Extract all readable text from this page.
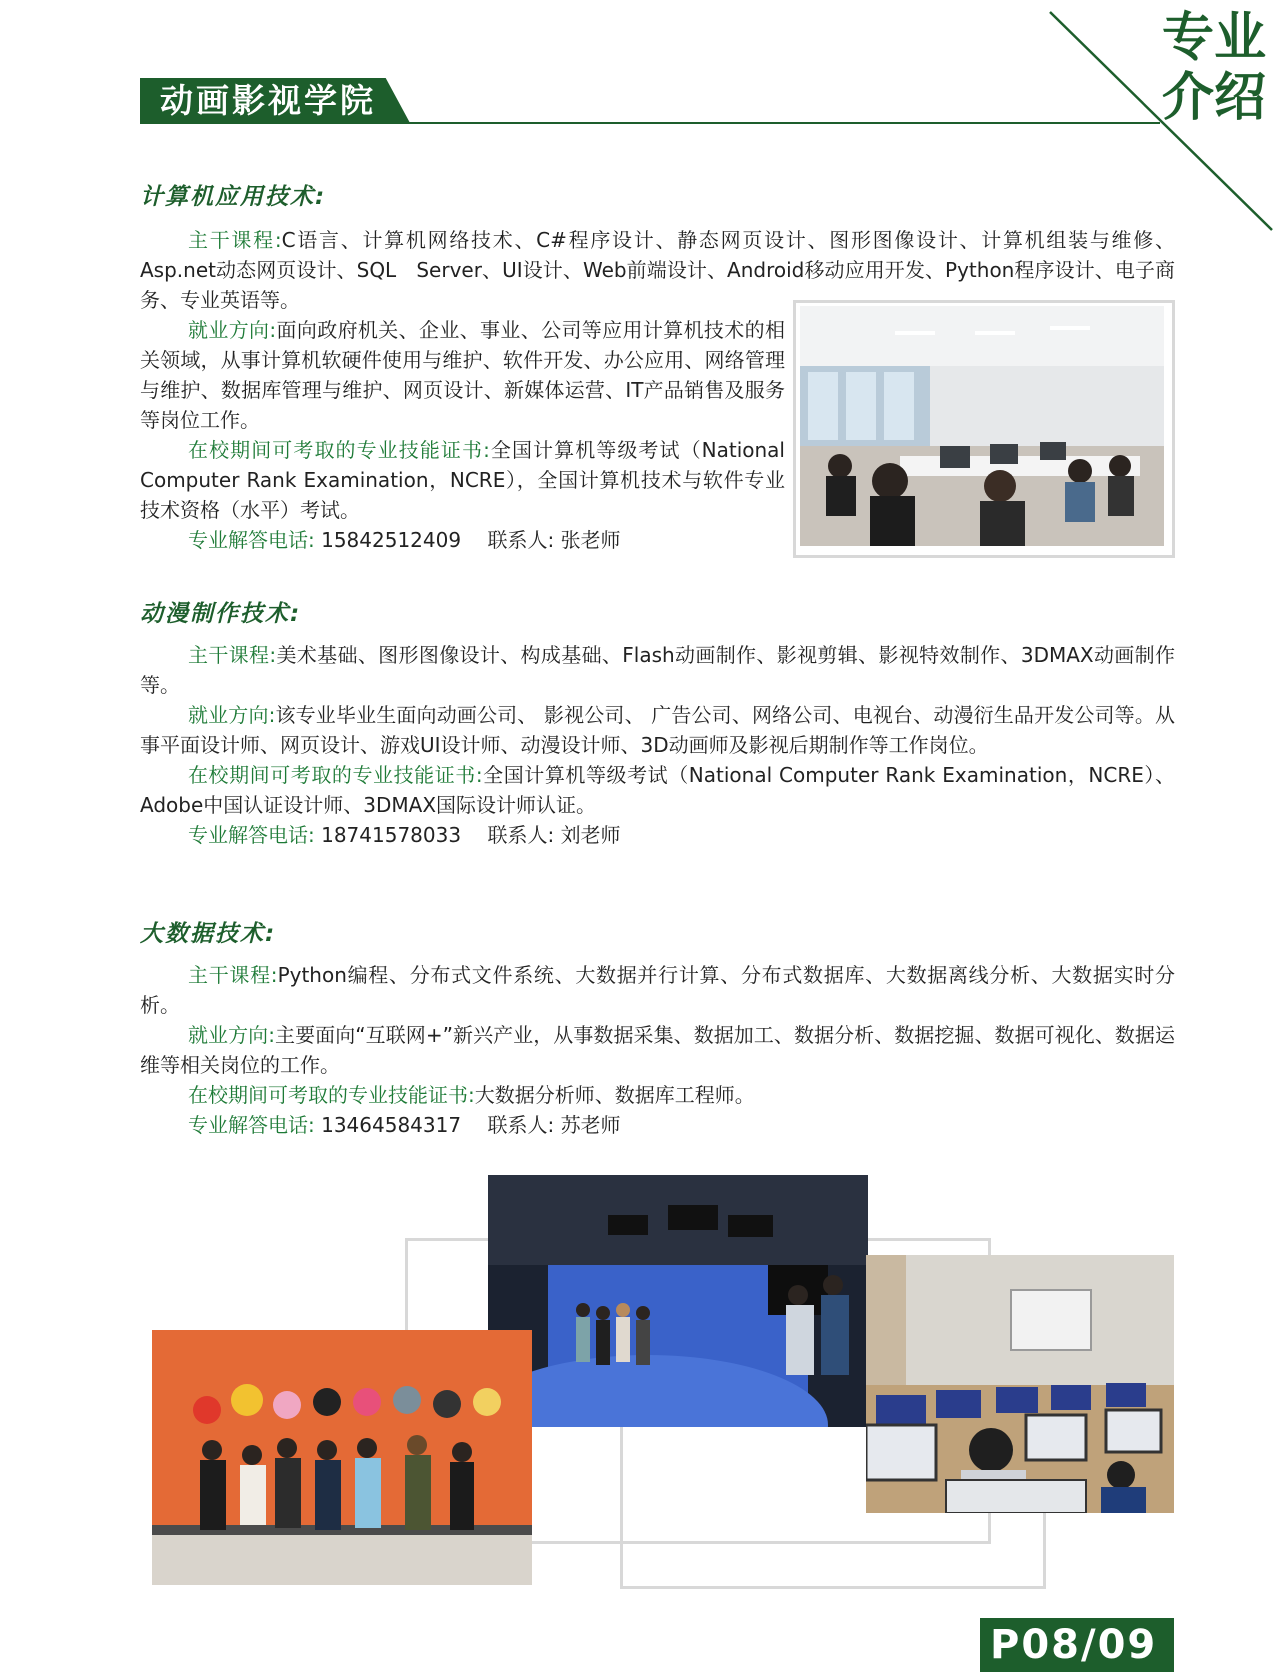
动画影视学院
专业
介绍
计算机应用技术:

主干课程:C语言、计算机网络技术、C#程序设计、静态网页设计、图形图像设计、计算机组装与维修、Asp.net动态网页设计、SQL　Server、UI设计、Web前端设计、Android移动应用开发、Python程序设计、电子商务、专业英语等。

就业方向:面向政府机关、企业、事业、公司等应用计算机技术的相关领域，从事计算机软硬件使用与维护、软件开发、办公应用、网络管理与维护、数据库管理与维护、网页设计、新媒体运营、IT产品销售及服务等岗位工作。

在校期间可考取的专业技能证书:全国计算机等级考试（National Computer Rank Examination，NCRE），全国计算机技术与软件专业技术资格（水平）考试。

专业解答电话: 15842512409　 联系人: 张老师

动漫制作技术:

主干课程:美术基础、图形图像设计、构成基础、Flash动画制作、影视剪辑、影视特效制作、3DMAX动画制作等。

就业方向:该专业毕业生面向动画公司、 影视公司、 广告公司、网络公司、电视台、动漫衍生品开发公司等。从事平面设计师、网页设计、游戏UI设计师、动漫设计师、3D动画师及影视后期制作等工作岗位。

在校期间可考取的专业技能证书:全国计算机等级考试（National Computer Rank Examination，NCRE）、Adobe中国认证设计师、3DMAX国际设计师认证。

专业解答电话: 18741578033　 联系人: 刘老师

大数据技术:

主干课程:Python编程、分布式文件系统、大数据并行计算、分布式数据库、大数据离线分析、大数据实时分析。

就业方向:主要面向“互联网+”新兴产业，从事数据采集、数据加工、数据分析、数据挖掘、数据可视化、数据运维等相关岗位的工作。

在校期间可考取的专业技能证书:大数据分析师、数据库工程师。

专业解答电话: 13464584317　 联系人: 苏老师

P08/09
